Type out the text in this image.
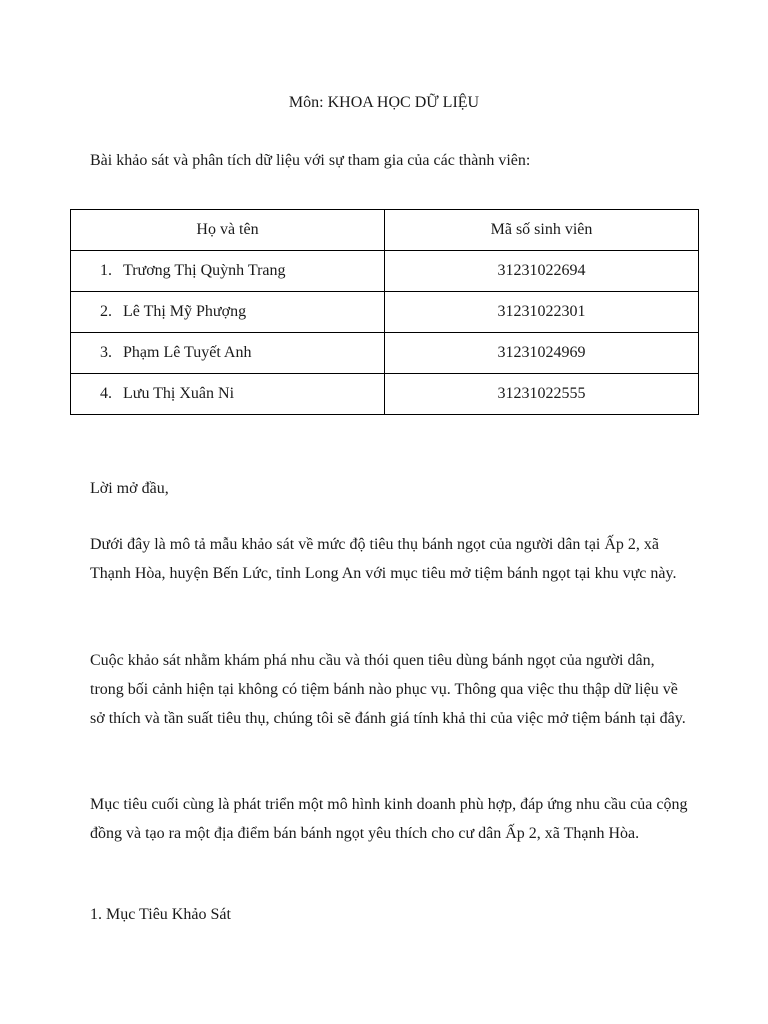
Môn: KHOA HỌC DỮ LIỆU
Bài khảo sát và phân tích dữ liệu với sự tham gia của các thành viên:
Họ và tên	Mã số sinh viên
1. Trương Thị Quỳnh Trang	31231022694
2. Lê Thị Mỹ Phượng	31231022301
3. Phạm Lê Tuyết Anh	31231024969
4. Lưu Thị Xuân Ni	31231022555
Lời mở đầu,
Dưới đây là mô tả mẫu khảo sát về mức độ tiêu thụ bánh ngọt của người dân tại Ấp 2, xã Thạnh Hòa, huyện Bến Lức, tỉnh Long An với mục tiêu mở tiệm bánh ngọt tại khu vực này.
Cuộc khảo sát nhằm khám phá nhu cầu và thói quen tiêu dùng bánh ngọt của người dân, trong bối cảnh hiện tại không có tiệm bánh nào phục vụ. Thông qua việc thu thập dữ liệu về sở thích và tần suất tiêu thụ, chúng tôi sẽ đánh giá tính khả thi của việc mở tiệm bánh tại đây.
Mục tiêu cuối cùng là phát triển một mô hình kinh doanh phù hợp, đáp ứng nhu cầu của cộng đồng và tạo ra một địa điểm bán bánh ngọt yêu thích cho cư dân Ấp 2, xã Thạnh Hòa.
1. Mục Tiêu Khảo Sát
